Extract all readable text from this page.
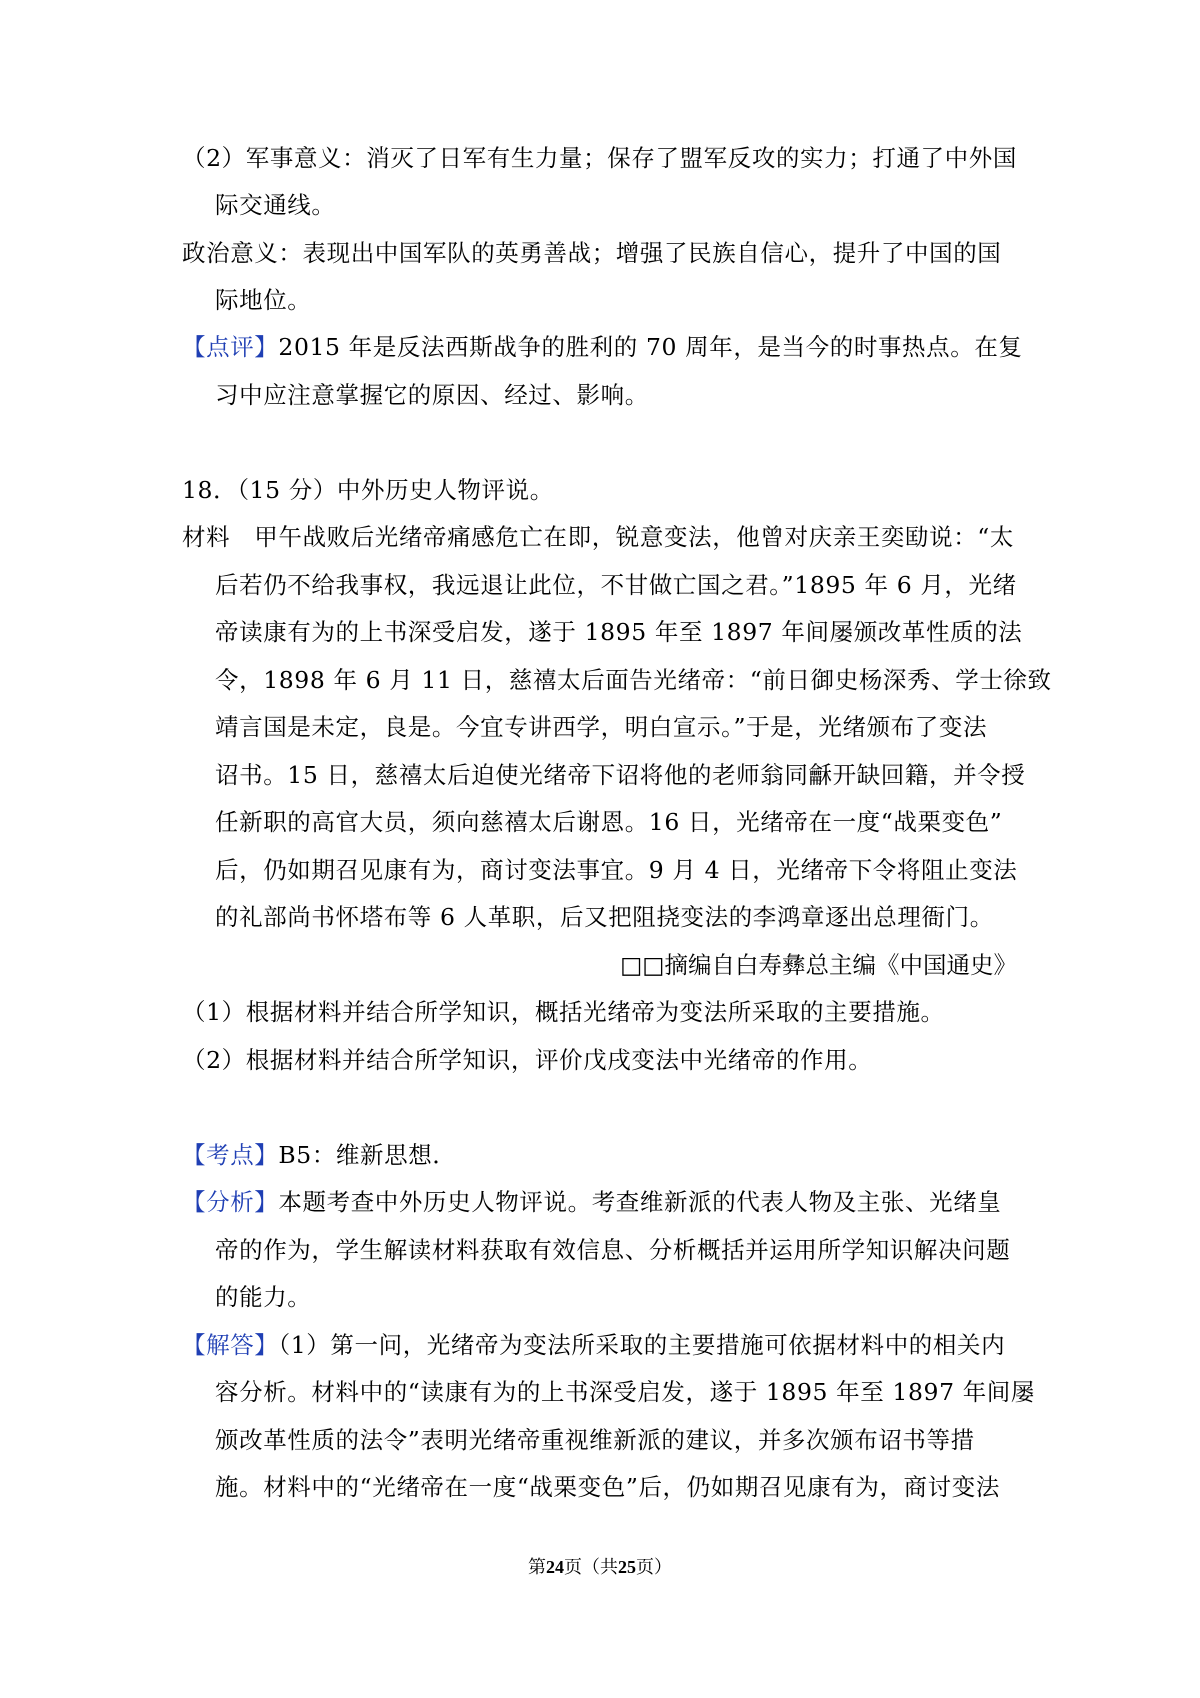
（2）军事意义：消灭了日军有生力量；保存了盟军反攻的实力；打通了中外国
际交通线。
政治意义：表现出中国军队的英勇善战；增强了民族自信心，提升了中国的国
际地位。
【点评】2015 年是反法西斯战争的胜利的 70 周年，是当今的时事热点。在复
习中应注意掌握它的原因、经过、影响。
18．（15 分）中外历史人物评说。
材料　甲午战败后光绪帝痛感危亡在即，锐意变法，他曾对庆亲王奕劻说：“太
后若仍不给我事权，我远退让此位，不甘做亡国之君。”1895 年 6 月，光绪
帝读康有为的上书深受启发，遂于 1895 年至 1897 年间屡颁改革性质的法
令，1898 年 6 月 11 日，慈禧太后面告光绪帝：“前日御史杨深秀、学士徐致
靖言国是未定，良是。今宜专讲西学，明白宣示。”于是，光绪颁布了变法
诏书。15 日，慈禧太后迫使光绪帝下诏将他的老师翁同龢开缺回籍，并令授
任新职的高官大员，须向慈禧太后谢恩。16 日，光绪帝在一度“战栗变色”
后，仍如期召见康有为，商讨变法事宜。9 月 4 日，光绪帝下令将阻止变法
的礼部尚书怀塔布等 6 人革职，后又把阻挠变法的李鸿章逐出总理衙门。
□□摘编自白寿彝总主编《中国通史》
（1）根据材料并结合所学知识，概括光绪帝为变法所采取的主要措施。
（2）根据材料并结合所学知识，评价戊戌变法中光绪帝的作用。
【考点】B5：维新思想．
【分析】本题考查中外历史人物评说。考查维新派的代表人物及主张、光绪皇
帝的作为，学生解读材料获取有效信息、分析概括并运用所学知识解决问题
的能力。
【解答】（1）第一问，光绪帝为变法所采取的主要措施可依据材料中的相关内
容分析。材料中的“读康有为的上书深受启发，遂于 1895 年至 1897 年间屡
颁改革性质的法令”表明光绪帝重视维新派的建议，并多次颁布诏书等措
施。材料中的“光绪帝在一度“战栗变色”后，仍如期召见康有为，商讨变法
第24页（共25页）
